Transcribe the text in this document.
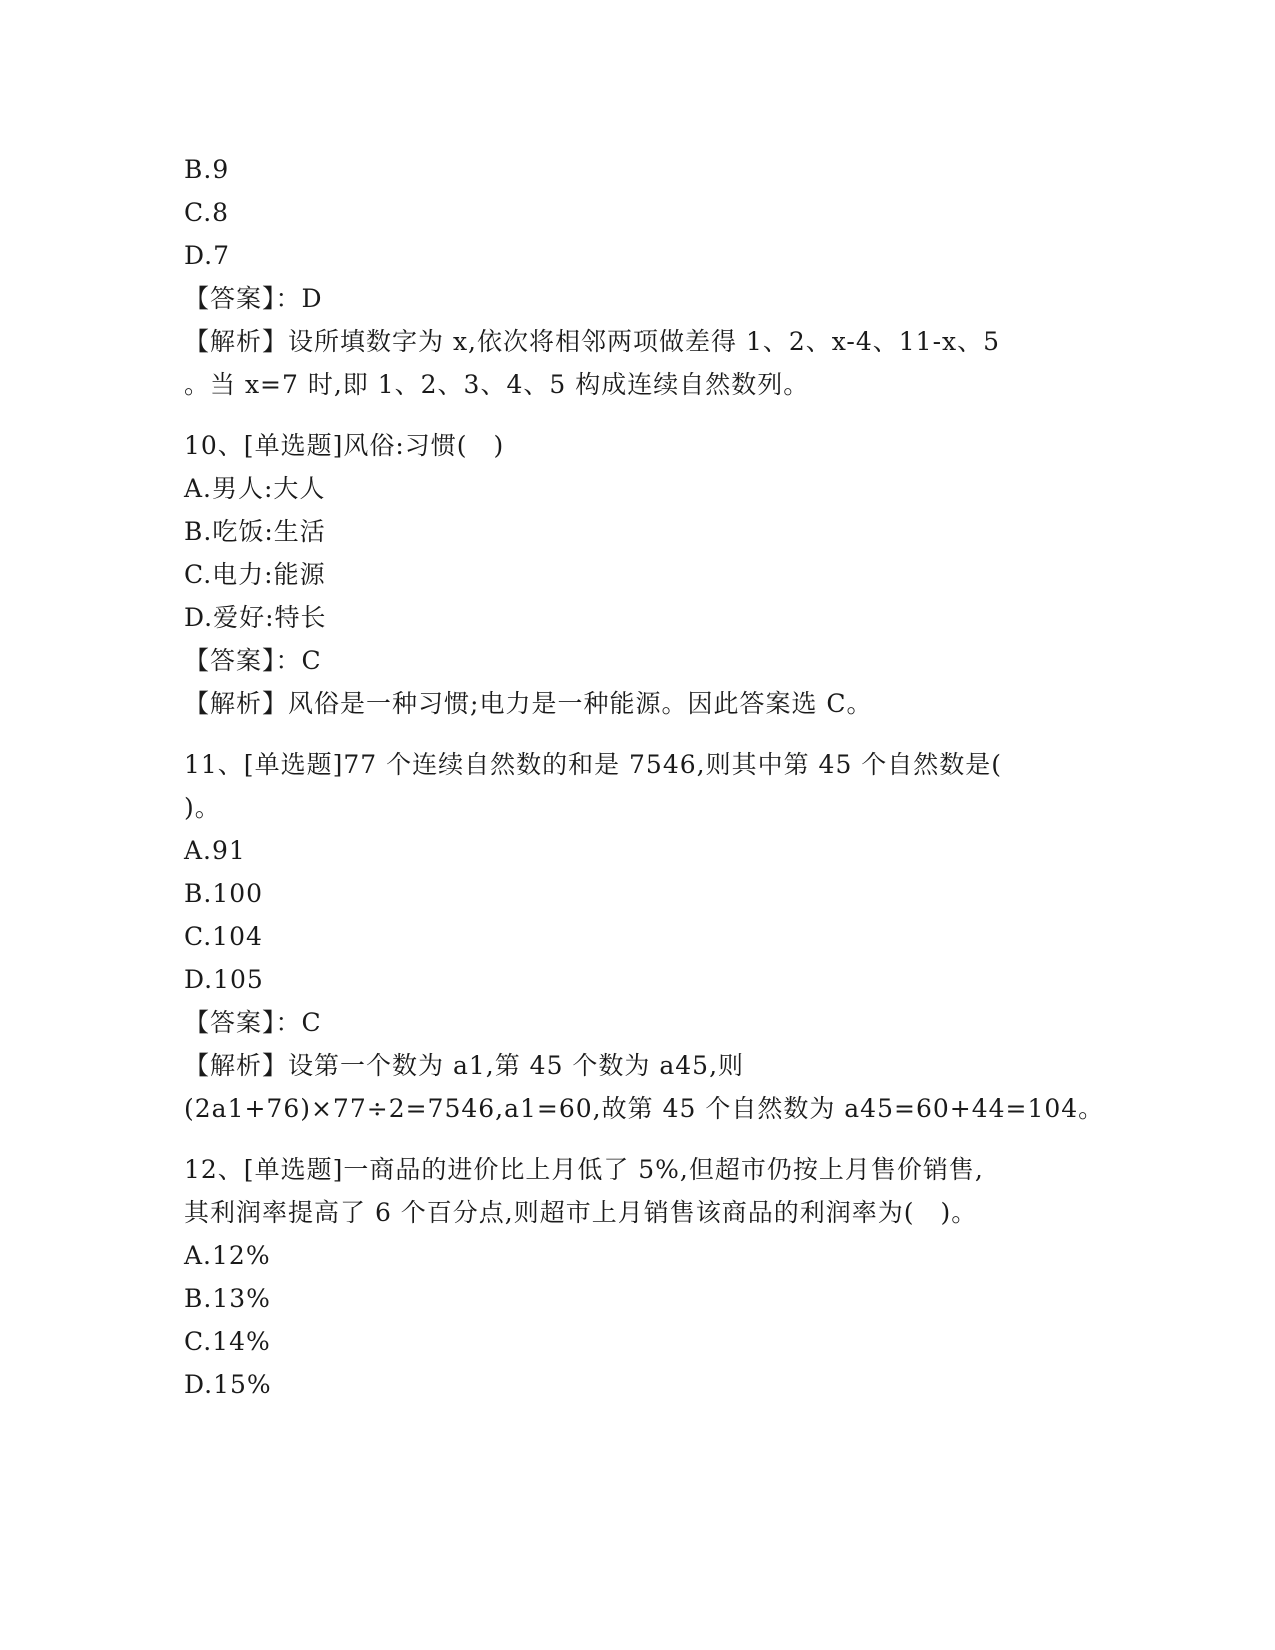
B.9
C.8
D.7
【答案】：D
【解析】设所填数字为 x,依次将相邻两项做差得 1、2、x-4、11-x、5
。当 x=7 时,即 1、2、3、4、5 构成连续自然数列。
10、[单选题]风俗:习惯(　)
A.男人:大人
B.吃饭:生活
C.电力:能源
D.爱好:特长
【答案】：C
【解析】风俗是一种习惯;电力是一种能源。因此答案选 C。
11、[单选题]77 个连续自然数的和是 7546,则其中第 45 个自然数是(
)。
A.91
B.100
C.104
D.105
【答案】：C
【解析】设第一个数为 a1,第 45 个数为 a45,则
(2a1+76)×77÷2=7546,a1=60,故第 45 个自然数为 a45=60+44=104。
12、[单选题]一商品的进价比上月低了 5%,但超市仍按上月售价销售,
其利润率提高了 6 个百分点,则超市上月销售该商品的利润率为(　)。
A.12%
B.13%
C.14%
D.15%
